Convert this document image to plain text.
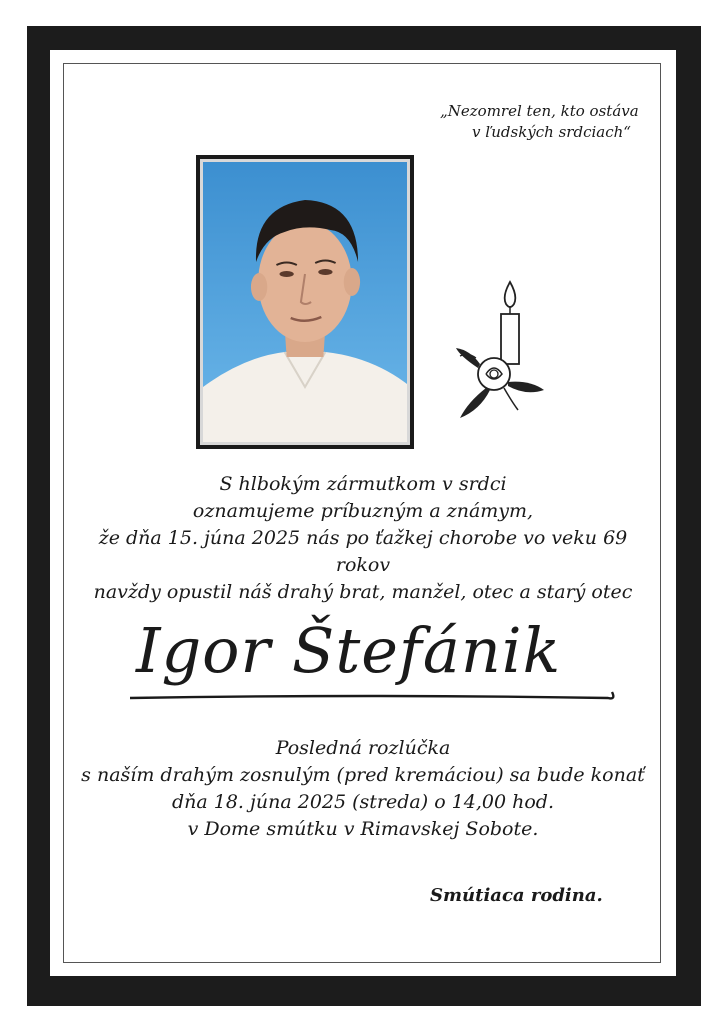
„Nezomrel ten, kto ostáva
v ľudských srdciach“
S hlbokým zármutkom v srdci
oznamujeme príbuzným a známym,
že dňa 15. júna 2025 nás po ťažkej chorobe vo veku 69 rokov
navždy opustil náš drahý brat, manžel, otec a starý otec
Igor Štefánik
Posledná rozlúčka
s naším drahým zosnulým (pred kremáciou) sa bude konať
dňa 18. júna 2025 (streda) o 14,00 hod.
v Dome smútku v Rimavskej Sobote.
Smútiaca rodina.
